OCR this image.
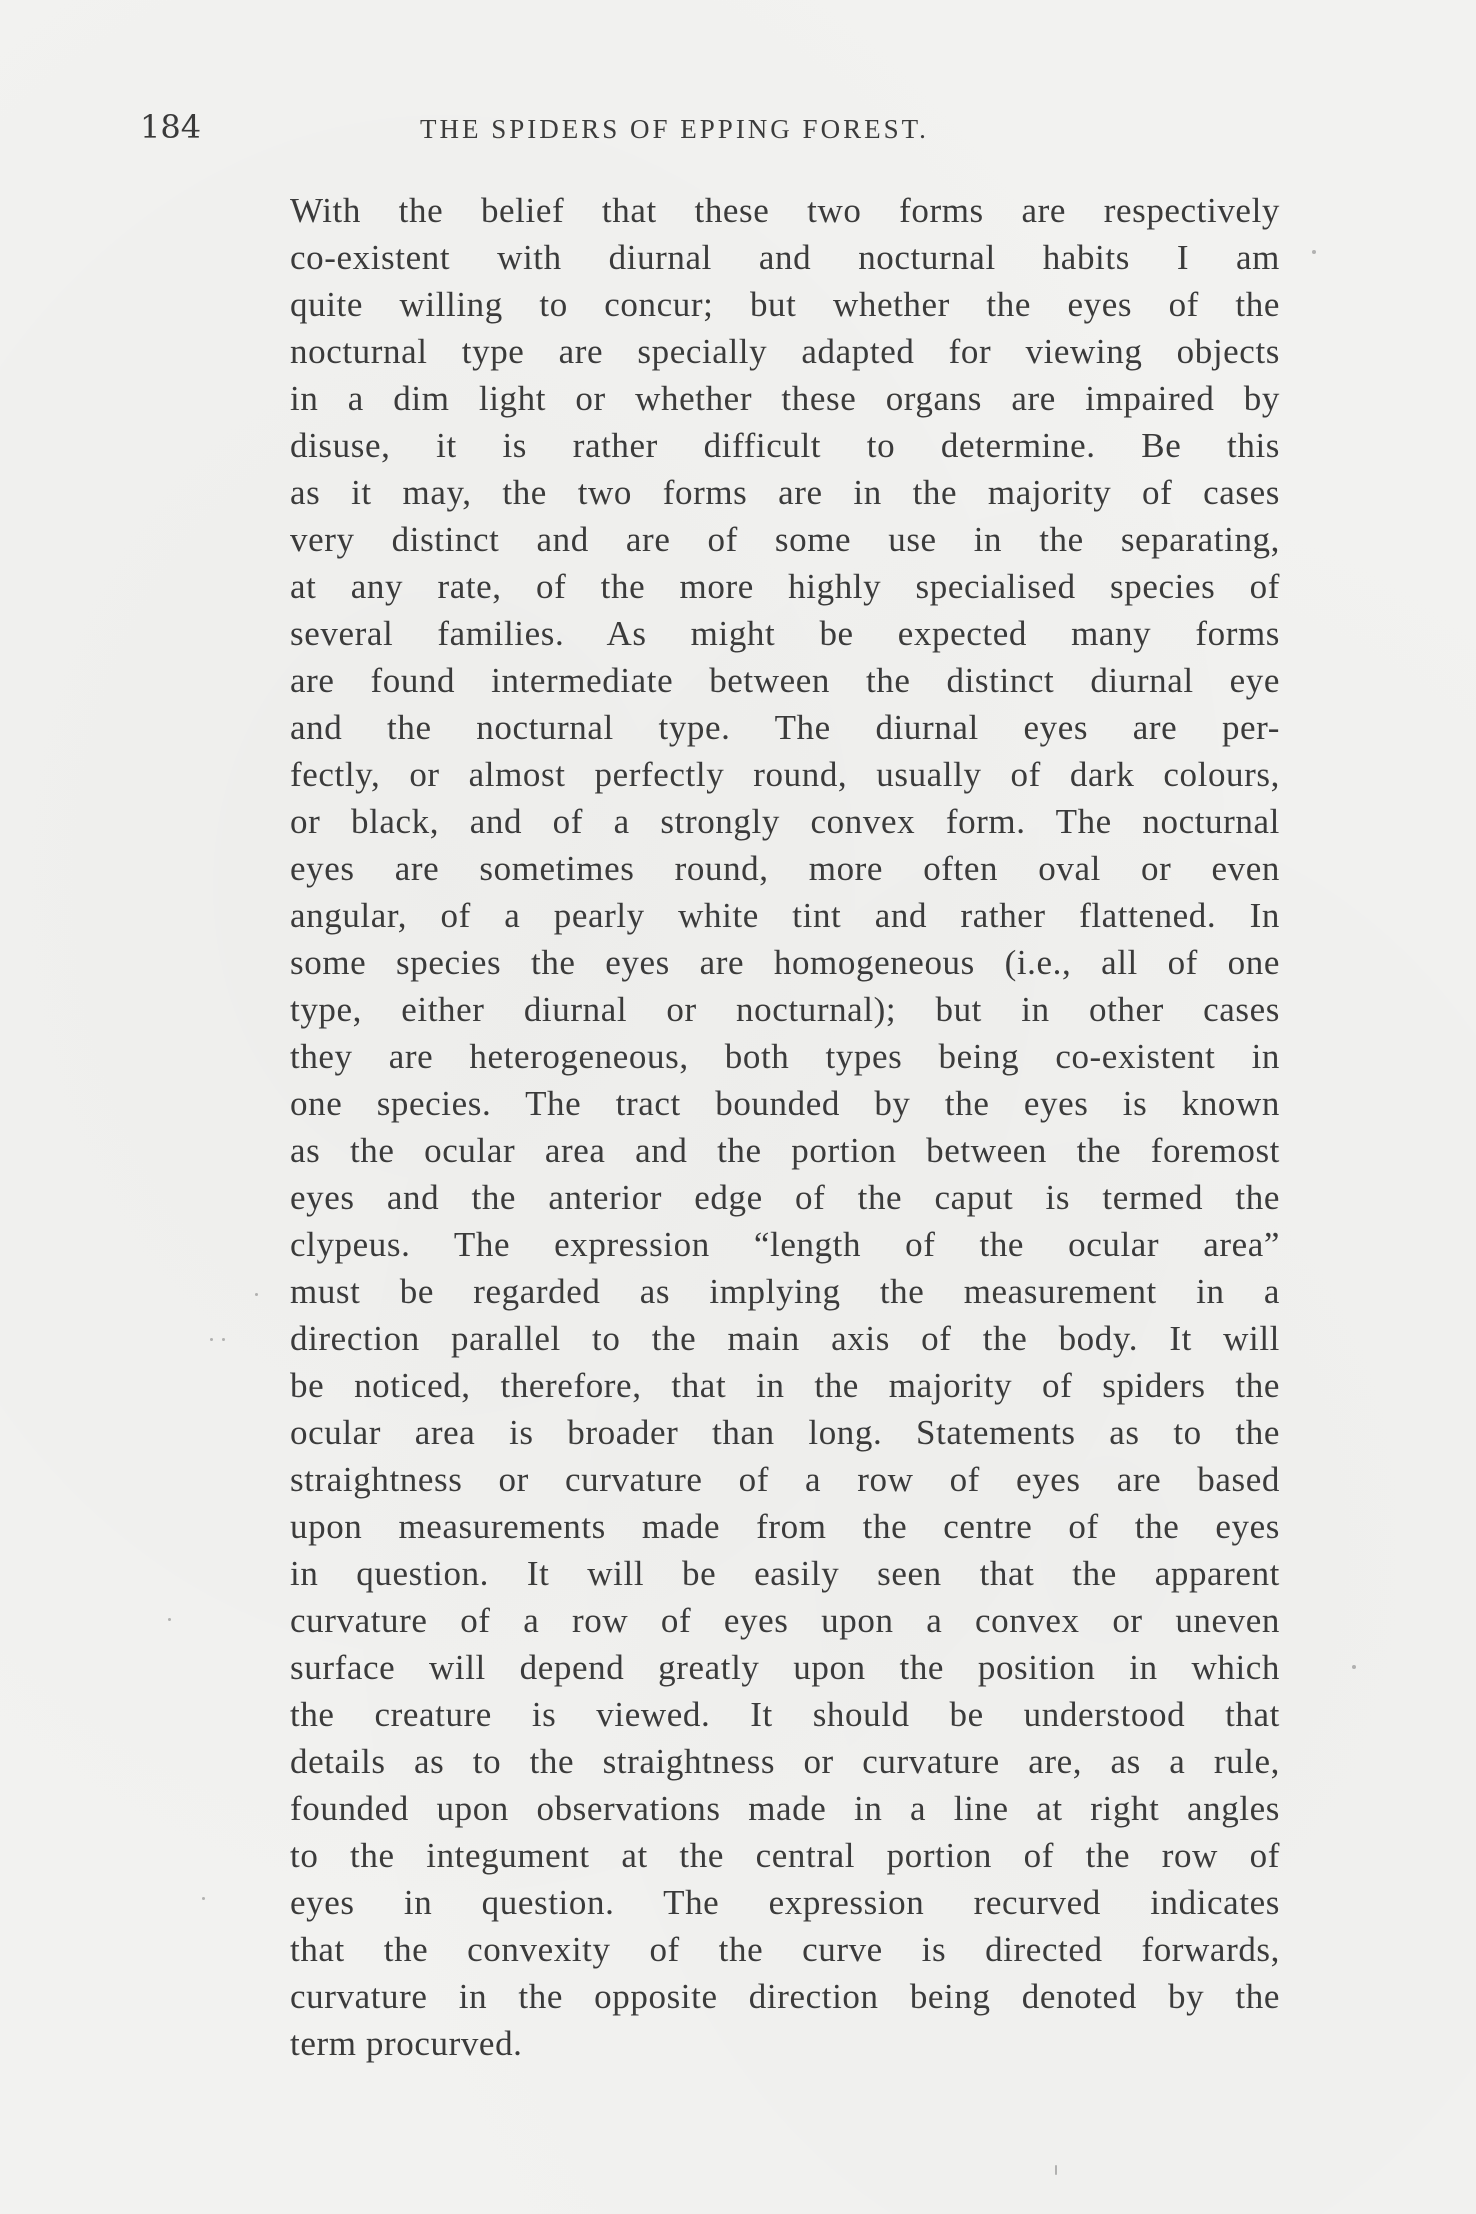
184	THE SPIDERS OF EPPING FOREST.
With the belief that these two forms are respectively
co-existent with diurnal and nocturnal habits I am
quite willing to concur; but whether the eyes of the
nocturnal type are specially adapted for viewing objects
in a dim light or whether these organs are impaired by
disuse, it is rather difficult to determine. Be this
as it may, the two forms are in the majority of cases
very distinct and are of some use in the separating,
at any rate, of the more highly specialised species of
several families. As might be expected many forms
are found intermediate between the distinct diurnal eye
and the nocturnal type. The diurnal eyes are per-
fectly, or almost perfectly round, usually of dark colours,
or black, and of a strongly convex form. The nocturnal
eyes are sometimes round, more often oval or even
angular, of a pearly white tint and rather flattened. In
some species the eyes are homogeneous (i.e., all of one
type, either diurnal or nocturnal); but in other cases
they are heterogeneous, both types being co-existent in
one species. The tract bounded by the eyes is known
as the ocular area and the portion between the foremost
eyes and the anterior edge of the caput is termed the
clypeus. The expression “length of the ocular area”
must be regarded as implying the measurement in a
direction parallel to the main axis of the body. It will
be noticed, therefore, that in the majority of spiders the
ocular area is broader than long. Statements as to the
straightness or curvature of a row of eyes are based
upon measurements made from the centre of the eyes
in question. It will be easily seen that the apparent
curvature of a row of eyes upon a convex or uneven
surface will depend greatly upon the position in which
the creature is viewed. It should be understood that
details as to the straightness or curvature are, as a rule,
founded upon observations made in a line at right angles
to the integument at the central portion of the row of
eyes in question. The expression recurved indicates
that the convexity of the curve is directed forwards,
curvature in the opposite direction being denoted by the
term procurved.
